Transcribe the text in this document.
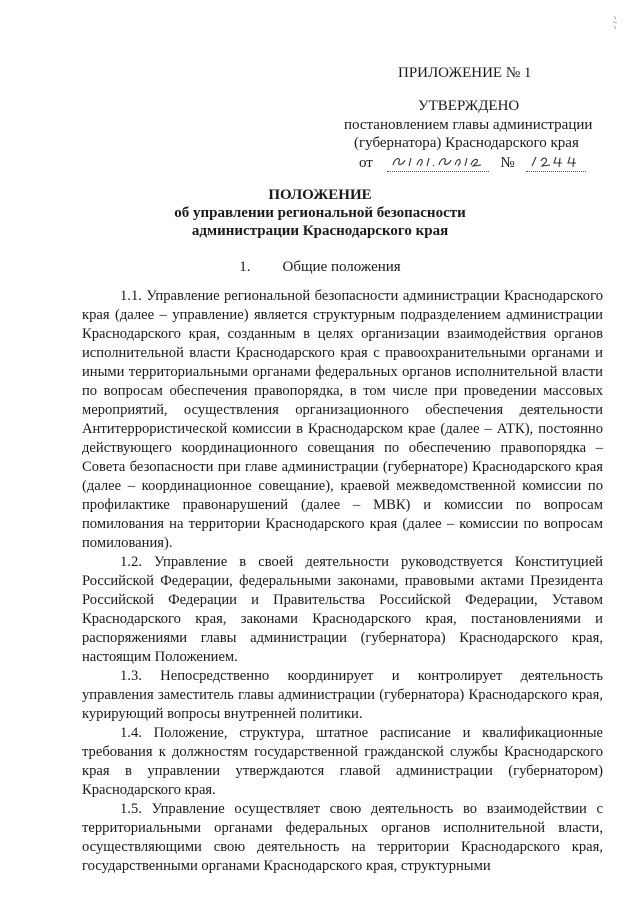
ПРИЛОЖЕНИЕ № 1
УТВЕРЖДЕНО
постановлением главы администрации
(губернатора) Краснодарского края
от	№
ПОЛОЖЕНИЕ
об управлении региональной безопасности
администрации Краснодарского края
1. Общие положения

1.1. Управление региональной безопасности администрации Краснодарского края (далее – управление) является структурным подразделением администрации Краснодарского края, созданным в целях организации взаимодействия органов исполнительной власти Краснодарского края с правоохранительными органами и иными территориальными органами федеральных органов исполнительной власти по вопросам обеспечения правопорядка, в том числе при проведении массовых мероприятий, осуществления организационного обеспечения деятельности Антитеррористической комиссии в Краснодарском крае (далее – АТК), постоянно действующего координационного совещания по обеспечению правопорядка – Совета безопасности при главе администрации (губернаторе) Краснодарского края (далее – координационное совещание), краевой межведомственной комиссии по профилактике правонарушений (далее – МВК) и комиссии по вопросам помилования на территории Краснодарского края (далее – комиссии по вопросам помилования).

1.2. Управление в своей деятельности руководствуется Конституцией Российской Федерации, федеральными законами, правовыми актами Президента Российской Федерации и Правительства Российской Федерации, Уставом Краснодарского края, законами Краснодарского края, постановлениями и распоряжениями главы администрации (губернатора) Краснодарского края, настоящим Положением.

1.3. Непосредственно координирует и контролирует деятельность управления заместитель главы администрации (губернатора) Краснодарского края, курирующий вопросы внутренней политики.

1.4. Положение, структура, штатное расписание и квалификационные требования к должностям государственной гражданской службы Краснодарского края в управлении утверждаются главой администрации (губернатором) Краснодарского края.

1.5. Управление осуществляет свою деятельность во взаимодействии с территориальными органами федеральных органов исполнительной власти, осуществляющими свою деятельность на территории Краснодарского края, государственными органами Краснодарского края, структурными
